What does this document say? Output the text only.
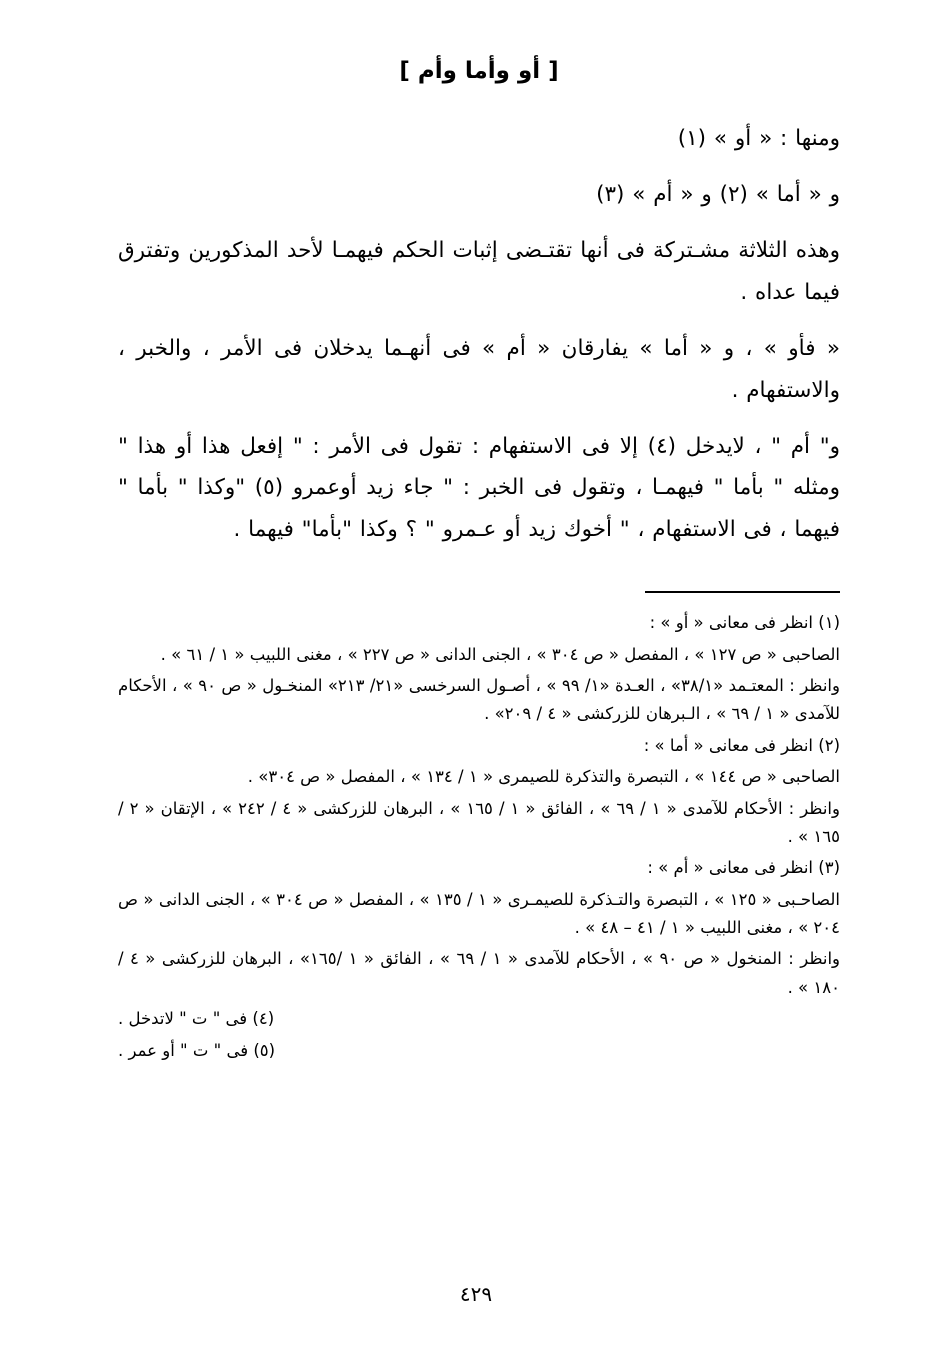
[ أو وأما وأم ]

ومنها : « أو » (١)

و « أما » (٢) و « أم » (٣)

وهذه الثلاثة مشـتركة فى أنها تقتـضى إثبات الحكم فيهمـا لأحد المذكورين وتفترق فيما عداه .

« فأو » ، و « أما » يفارقان « أم » فى أنهـما يدخلان فى الأمر ، والخبر ، والاستفهام .

و" أم " ، لايدخل (٤) إلا فى الاستفهام : تقول فى الأمر : " إفعل هذا أو هذا " ومثله " بأما " فيهمـا ، وتقول فى الخبر : " جاء زيد أوعمرو (٥) "وكذا " بأما " فيهما ، فى الاستفهام ، " أخوك زيد أو عـمرو " ؟ وكذا "بأما" فيهما .

(١) انظر فى معانى « أو » :

الصاحبى « ص ١٢٧ » ، المفصل « ص ٣٠٤ » ، الجنى الدانى « ص ٢٢٧ » ، مغنى اللبيب « ١ / ٦١ » .

وانظر : المعتـمد «٣٨/١» ، العـدة «١/ ٩٩ » ، أصـول السرخسى «٢١/ ٢١٣» المنخـول « ص ٩٠ » ، الأحكام للآمدى « ١ / ٦٩ » ، الـبرهان للزركشى « ٤ / ٢٠٩» .

(٢) انظر فى معانى « أما » :

الصاحبى « ص ١٤٤ » ، التبصرة والتذكرة للصيمرى « ١ / ١٣٤ » ، المفصل « ص ٣٠٤» .

وانظر : الأحكام للآمدى « ١ / ٦٩ » ، الفائق « ١ / ١٦٥ » ، البرهان للزركشى « ٤ / ٢٤٢ » ، الإتقان « ٢ / ١٦٥ » .

(٣) انظر فى معانى « أم » :

الصاحـبى « ١٢٥ » ، التبصرة والتـذكرة للصيمـرى « ١ / ١٣٥ » ، المفصل « ص ٣٠٤ » ، الجنى الدانى « ص ٢٠٤ » ، مغنى اللبيب « ١ / ٤١ – ٤٨ » .

وانظر : المنخول « ص ٩٠ » ، الأحكام للآمدى « ١ / ٦٩ » ، الفائق « ١ /١٦٥» ، البرهان للزركشى « ٤ / ١٨٠ » .

(٤) فى " ت " لاتدخل .

(٥) فى " ت " أو عمر .

٤٢٩
